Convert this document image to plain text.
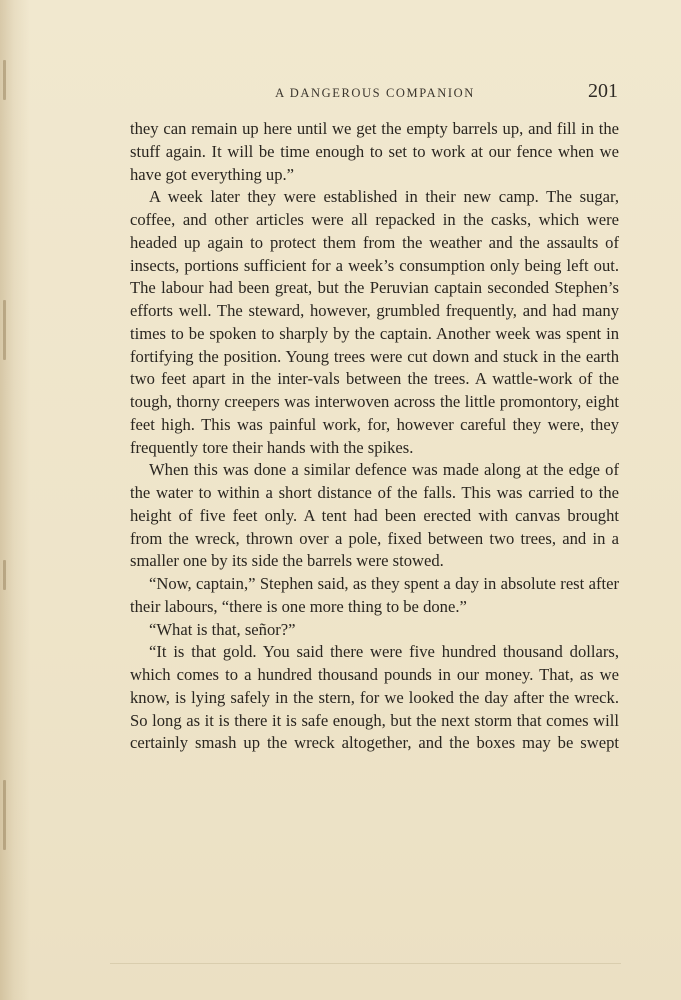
A DANGEROUS COMPANION	201

they can remain up here until we get the empty barrels up, and fill in the stuff again. It will be time enough to set to work at our fence when we have got everything up.”

A week later they were established in their new camp. The sugar, coffee, and other articles were all repacked in the casks, which were headed up again to protect them from the weather and the assaults of insects, portions sufficient for a week’s consumption only being left out. The labour had been great, but the Peruvian captain seconded Stephen’s efforts well. The steward, however, grumbled frequently, and had many times to be spoken to sharply by the captain. Another week was spent in fortifying the position. Young trees were cut down and stuck in the earth two feet apart in the inter-vals between the trees. A wattle-work of the tough, thorny creepers was interwoven across the little promontory, eight feet high. This was painful work, for, however careful they were, they frequently tore their hands with the spikes.

When this was done a similar defence was made along at the edge of the water to within a short distance of the falls. This was carried to the height of five feet only. A tent had been erected with canvas brought from the wreck, thrown over a pole, fixed between two trees, and in a smaller one by its side the barrels were stowed.

“Now, captain,” Stephen said, as they spent a day in absolute rest after their labours, “there is one more thing to be done.”

“What is that, señor?”

“It is that gold. You said there were five hundred thousand dollars, which comes to a hundred thousand pounds in our money. That, as we know, is lying safely in the stern, for we looked the day after the wreck. So long as it is there it is safe enough, but the next storm that comes will certainly smash up the wreck altogether, and the boxes may be swept
